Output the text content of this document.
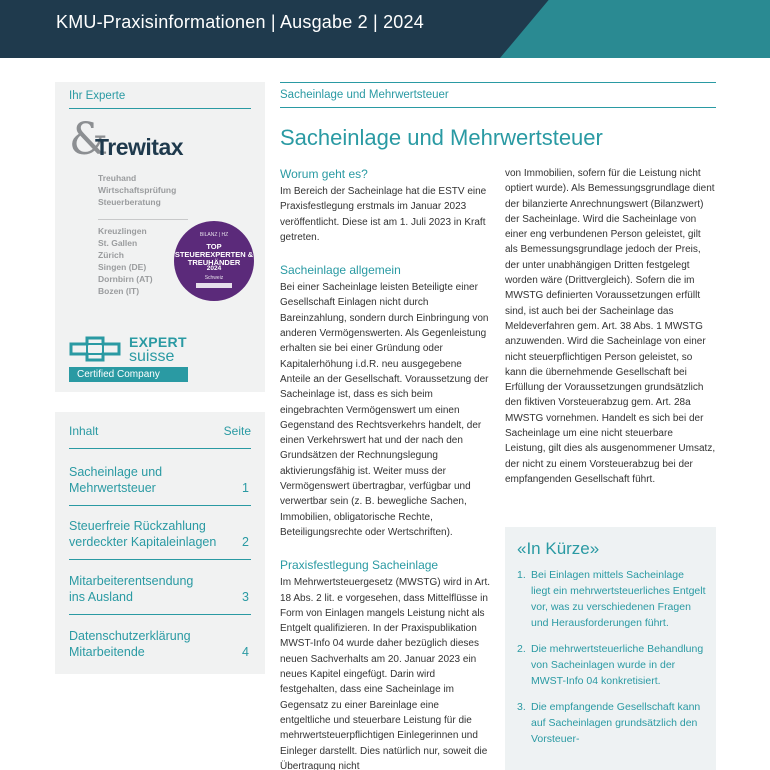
KMU-Praxisinformationen | Ausgabe 2 | 2024
Ihr Experte
&
Trewitax
Treuhand
Wirtschaftsprüfung
Steuerberatung
Kreuzlingen
St. Gallen
Zürich
Singen (DE)
Dornbirn (AT)
Bozen (IT)
BILANZ | HZ
TOP STEUEREXPERTEN & TREUHÄNDER
2024
Schweiz
EXPERT
suisse
Certified Company
Inhalt	Seite
Sacheinlage und
Mehrwertsteuer	1
Steuerfreie Rückzahlung
verdeckter Kapitaleinlagen	2
Mitarbeiterentsendung
ins Ausland	3
Datenschutzerklärung
Mitarbeitende	4
Sacheinlage und Mehrwertsteuer
Sacheinlage und Mehrwertsteuer
Worum geht es?

Im Bereich der Sacheinlage hat die ESTV eine Praxisfestlegung erstmals im Januar 2023 veröffentlicht. Diese ist am 1. Juli 2023 in Kraft getreten.

Sacheinlage allgemein

Bei einer Sacheinlage leisten Beteiligte einer Gesellschaft Einlagen nicht durch Bareinzahlung, sondern durch Einbringung von anderen Vermögenswerten. Als Gegenleistung erhalten sie bei einer Gründung oder Kapitalerhöhung i.d.R. neu ausgegebene Anteile an der Gesellschaft. Voraussetzung der Sacheinlage ist, dass es sich beim eingebrachten Vermögenswert um einen Gegenstand des Rechtsverkehrs handelt, der einen Verkehrswert hat und der nach den Grundsätzen der Rechnungslegung aktivierungsfähig ist. Weiter muss der Vermögenswert übertragbar, verfügbar und verwertbar sein (z. B. bewegliche Sachen, Immobilien, obligatorische Rechte, Beteiligungsrechte oder Wertschriften).

Praxisfestlegung Sacheinlage

Im Mehrwertsteuergesetz (MWSTG) wird in Art. 18 Abs. 2 lit. e vorgesehen, dass Mittelflüsse in Form von Einlagen mangels Leistung nicht als Entgelt qualifizieren. In der Praxispublikation MWST-Info 04 wurde daher bezüglich dieses neuen Sachverhalts am 20. Januar 2023 ein neues Kapitel eingefügt. Darin wird festgehalten, dass eine Sacheinlage im Gegensatz zu einer Bareinlage eine entgeltliche und steuerbare Leistung für die mehrwertsteuerpflichtigen Einlegerinnen und Einleger darstellt. Dies natürlich nur, soweit die Übertragung nicht

von Immobilien, sofern für die Leistung nicht optiert wurde). Als Bemessungsgrundlage dient der bilanzierte Anrechnungswert (Bilanzwert) der Sacheinlage. Wird die Sacheinlage von einer eng verbundenen Person geleistet, gilt als Bemessungsgrundlage jedoch der Preis, der unter unabhängigen Dritten festgelegt worden wäre (Drittvergleich). Sofern die im MWSTG definierten Voraussetzungen erfüllt sind, ist auch bei der Sacheinlage das Meldeverfahren gem. Art. 38 Abs. 1 MWSTG anzuwenden. Wird die Sacheinlage von einer nicht steuerpflichtigen Person geleistet, so kann die übernehmende Gesellschaft bei Erfüllung der Voraussetzungen grundsätzlich den fiktiven Vorsteuerabzug gem. Art. 28a MWSTG vornehmen. Handelt es sich bei der Sacheinlage um eine nicht steuerbare Leistung, gilt dies als ausgenommener Umsatz, der nicht zu einem Vorsteuerabzug bei der empfangenden Gesellschaft führt.

«In Kürze»
1. Bei Einlagen mittels Sacheinlage liegt ein mehrwertsteuerliches Entgelt vor, was zu verschiedenen Fragen und Herausforderungen führt.
2. Die mehrwertsteuerliche Behandlung von Sacheinlagen wurde in der MWST-Info 04 konkretisiert.
3. Die empfangende Gesellschaft kann auf Sacheinlagen grundsätzlich den Vorsteuer-
